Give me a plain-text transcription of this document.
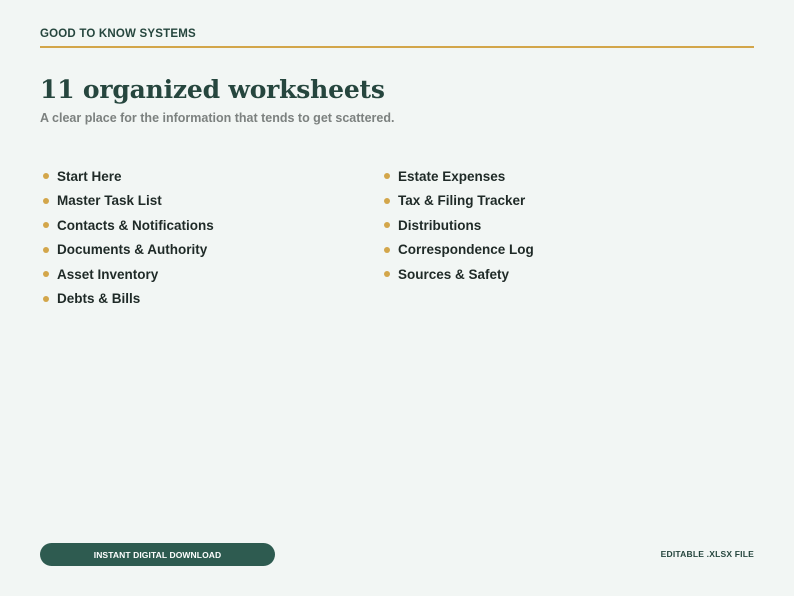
GOOD TO KNOW SYSTEMS
11 organized worksheets

A clear place for the information that tends to get scattered.

Start Here
Master Task List
Contacts & Notifications
Documents & Authority
Asset Inventory
Debts & Bills
Estate Expenses
Tax & Filing Tracker
Distributions
Correspondence Log
Sources & Safety
INSTANT DIGITAL DOWNLOAD	EDITABLE .XLSX FILE
